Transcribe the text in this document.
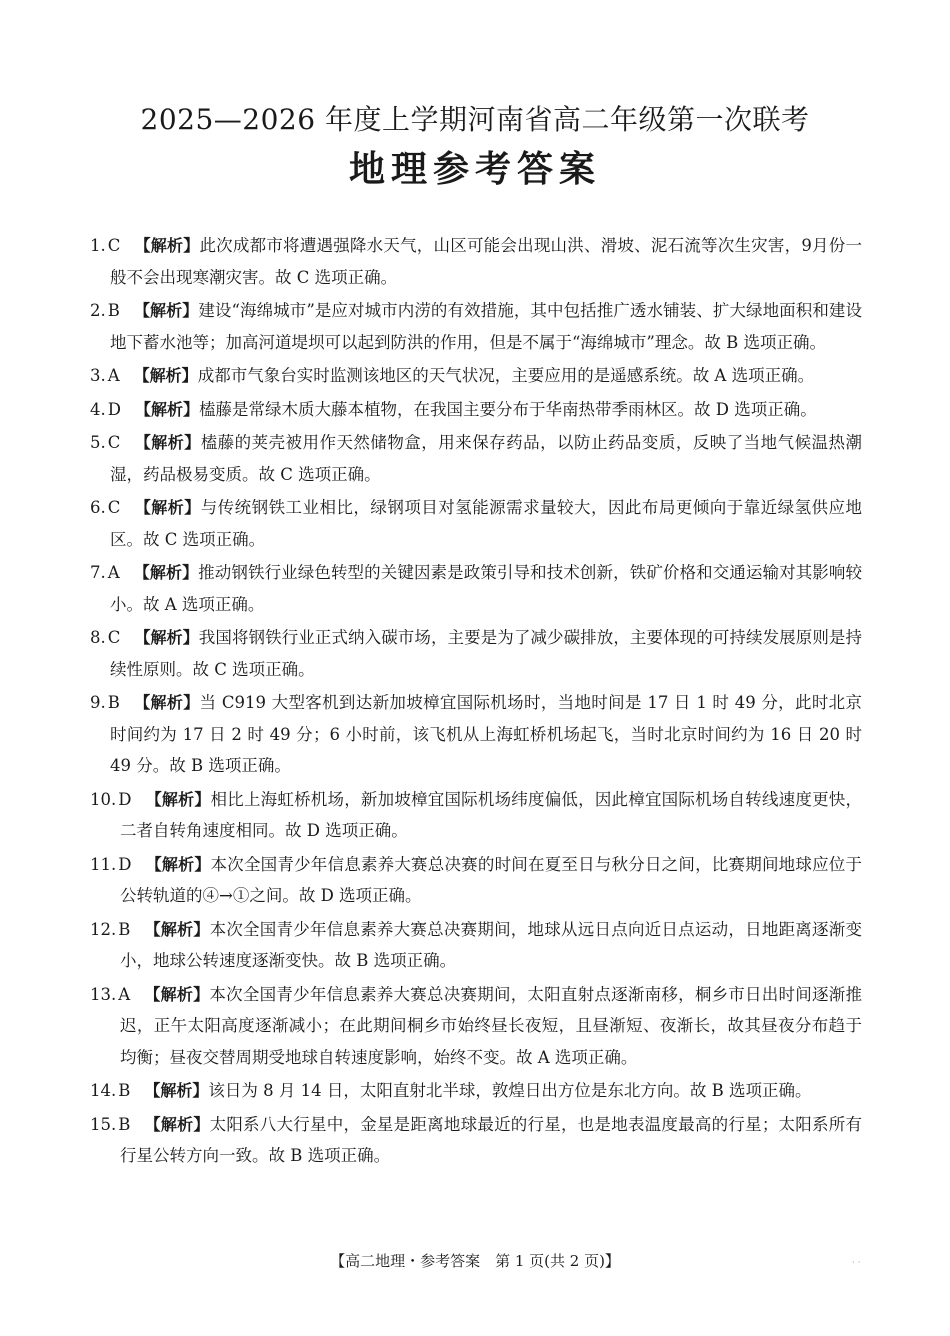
2025—2026 年度上学期河南省高二年级第一次联考
地理参考答案
1. C 【解析】此次成都市将遭遇强降水天气，山区可能会出现山洪、滑坡、泥石流等次生灾害，9月份一般不会出现寒潮灾害。故 C 选项正确。
2. B 【解析】建设“海绵城市”是应对城市内涝的有效措施，其中包括推广透水铺装、扩大绿地面积和建设地下蓄水池等；加高河道堤坝可以起到防洪的作用，但是不属于“海绵城市”理念。故 B 选项正确。
3. A 【解析】成都市气象台实时监测该地区的天气状况，主要应用的是遥感系统。故 A 选项正确。
4. D 【解析】榼藤是常绿木质大藤本植物，在我国主要分布于华南热带季雨林区。故 D 选项正确。
5. C 【解析】榼藤的荚壳被用作天然储物盒，用来保存药品，以防止药品变质，反映了当地气候温热潮湿，药品极易变质。故 C 选项正确。
6. C 【解析】与传统钢铁工业相比，绿钢项目对氢能源需求量较大，因此布局更倾向于靠近绿氢供应地区。故 C 选项正确。
7. A 【解析】推动钢铁行业绿色转型的关键因素是政策引导和技术创新，铁矿价格和交通运输对其影响较小。故 A 选项正确。
8. C 【解析】我国将钢铁行业正式纳入碳市场，主要是为了减少碳排放，主要体现的可持续发展原则是持续性原则。故 C 选项正确。
9. B 【解析】当 C919 大型客机到达新加坡樟宜国际机场时，当地时间是 17 日 1 时 49 分，此时北京时间约为 17 日 2 时 49 分；6 小时前，该飞机从上海虹桥机场起飞，当时北京时间约为 16 日 20 时 49 分。故 B 选项正确。
10. D 【解析】相比上海虹桥机场，新加坡樟宜国际机场纬度偏低，因此樟宜国际机场自转线速度更快，二者自转角速度相同。故 D 选项正确。
11. D 【解析】本次全国青少年信息素养大赛总决赛的时间在夏至日与秋分日之间，比赛期间地球应位于公转轨道的④→①之间。故 D 选项正确。
12. B 【解析】本次全国青少年信息素养大赛总决赛期间，地球从远日点向近日点运动，日地距离逐渐变小，地球公转速度逐渐变快。故 B 选项正确。
13. A 【解析】本次全国青少年信息素养大赛总决赛期间，太阳直射点逐渐南移，桐乡市日出时间逐渐推迟，正午太阳高度逐渐减小；在此期间桐乡市始终昼长夜短，且昼渐短、夜渐长，故其昼夜分布趋于均衡；昼夜交替周期受地球自转速度影响，始终不变。故 A 选项正确。
14. B 【解析】该日为 8 月 14 日，太阳直射北半球，敦煌日出方位是东北方向。故 B 选项正确。
15. B 【解析】太阳系八大行星中，金星是距离地球最近的行星，也是地表温度最高的行星；太阳系所有行星公转方向一致。故 B 选项正确。
【高二地理・参考答案　第 1 页(共 2 页)】	· ·
